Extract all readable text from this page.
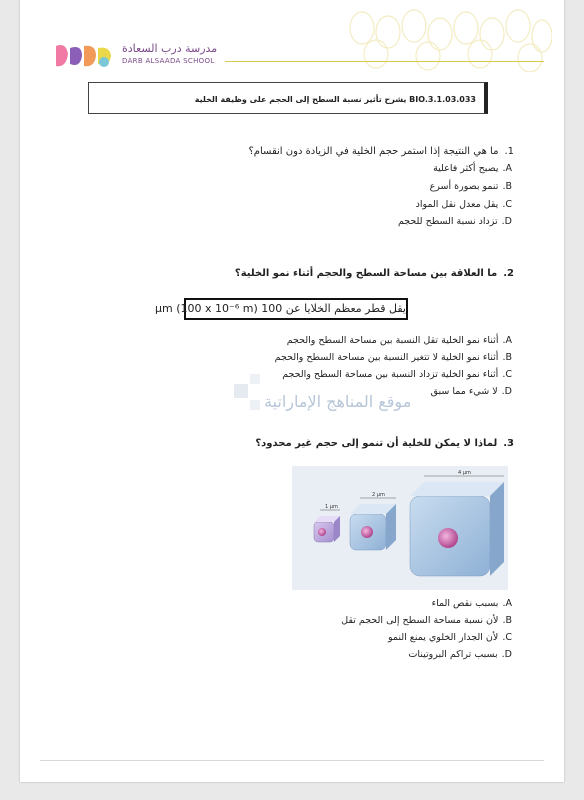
مدرسة درب السعادة
DARB ALSAADA SCHOOL
BIO.3.1.03.033 يشرح تأثير نسبة السطح إلى الحجم على وظيفة الخلية
1.ما هي النتيجة إذا استمر حجم الخلية في الزيادة دون انقسام؟
A.يصبح أكثر فاعلية
B.تنمو بصورة أسرع
C.يقل معدل نقل المواد
D.تزداد نسبة السطح للحجم
2.ما العلاقة بين مساحة السطح والحجم أثناء نمو الخلية؟
يقل قطر معظم الخلايا عن 100 µm (100 x 10⁻⁶ m)
A.أثناء نمو الخلية تقل النسبة بين مساحة السطح والحجم
B.أثناء نمو الخلية لا تتغير النسبة بين مساحة السطح والحجم
C.أثناء نمو الخلية تزداد النسبة بين مساحة السطح والحجم
D.لا شيء مما سبق
موقع المناهج الإماراتية
3.لماذا لا يمكن للخلية أن تنمو إلى حجم غير محدود؟
1 µm
2 µm
4 µm
A.بسبب نقص الماء
B.لأن نسبة مساحة السطح إلى الحجم تقل
C.لأن الجدار الخلوي يمنع النمو
D.بسبب تراكم البروتينات
